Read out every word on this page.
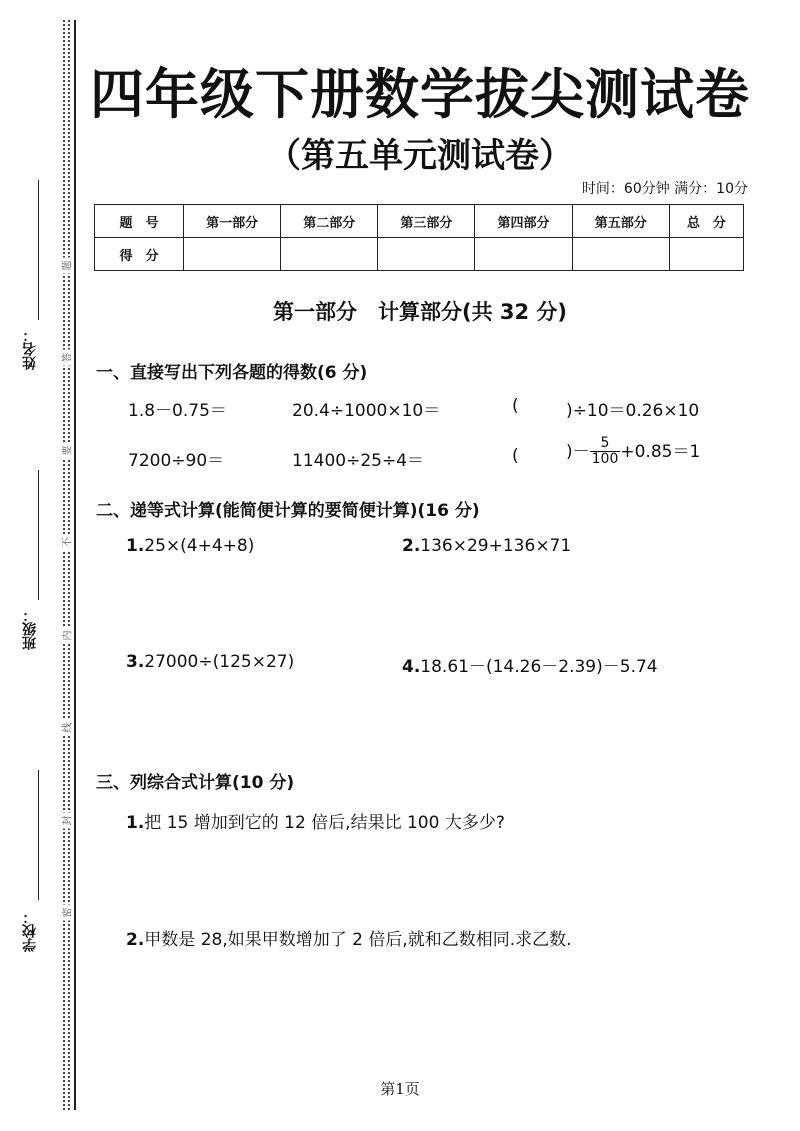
姓名：
班级：
学校：
题
答
要
不
内
线
封
密
四年级下册数学拔尖测试卷
（第五单元测试卷）
时间：60分钟 满分：10分
题　号	第一部分	第二部分	第三部分	第四部分	第五部分	总　分
得　分						
第一部分　计算部分(共 32 分)
一、直接写出下列各题的得数(6 分)
1.8－0.75＝	20.4÷1000×10＝	(	)÷10＝0.26×10
7200÷90＝	11400÷25÷4＝	(	)－ $\frac{5}{100} +0.85=1$
二、递等式计算(能简便计算的要简便计算)(16 分)
1.25×(4+4+8)	2.136×29+136×71
3.27000÷(125×27)	4.18.61－(14.26－2.39)－5.74
三、列综合式计算(10 分)
1.把 15 增加到它的 12 倍后,结果比 100 大多少?
2.甲数是 28,如果甲数增加了 2 倍后,就和乙数相同.求乙数.
第1页
